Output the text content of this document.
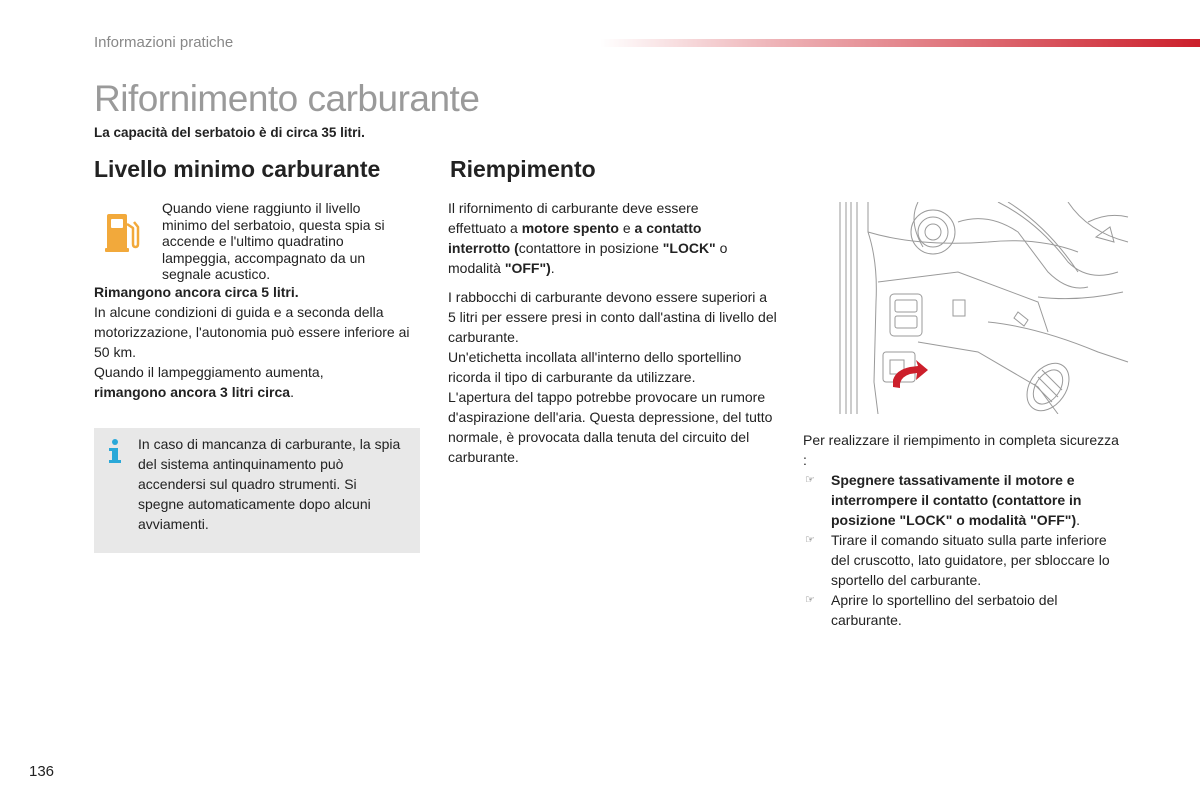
Informazioni pratiche
Rifornimento carburante
La capacità del serbatoio è di circa 35 litri.
Livello minimo carburante
Quando viene raggiunto il livello minimo del serbatoio, questa spia si accende e l'ultimo quadratino lampeggia, accompagnato da un segnale acustico.

Rimangono ancora circa 5 litri.

In alcune condizioni di guida e a seconda della motorizzazione, l'autonomia può essere inferiore ai 50 km.

Quando il lampeggiamento aumenta,
rimangono ancora 3 litri circa.

In caso di mancanza di carburante, la spia del sistema antinquinamento può accendersi sul quadro strumenti. Si spegne automaticamente dopo alcuni avviamenti.
Riempimento

Il rifornimento di carburante deve essere effettuato a motore spento e a contatto interrotto (contattore in posizione "LOCK" o modalità "OFF").

I rabbocchi di carburante devono essere superiori a 5 litri per essere presi in conto dall'astina di livello del carburante.

Un'etichetta incollata all'interno dello sportellino ricorda il tipo di carburante da utilizzare.

L'apertura del tappo potrebbe provocare un rumore d'aspirazione dell'aria. Questa depressione, del tutto normale, è provocata dalla tenuta del circuito del carburante.

Per realizzare il riempimento in completa sicurezza :

☞ Spegnere tassativamente il motore e interrompere il contatto (contattore in posizione "LOCK" o modalità "OFF").

☞ Tirare il comando situato sulla parte inferiore del cruscotto, lato guidatore, per sbloccare lo sportello del carburante.

☞ Aprire lo sportellino del serbatoio del carburante.

136
